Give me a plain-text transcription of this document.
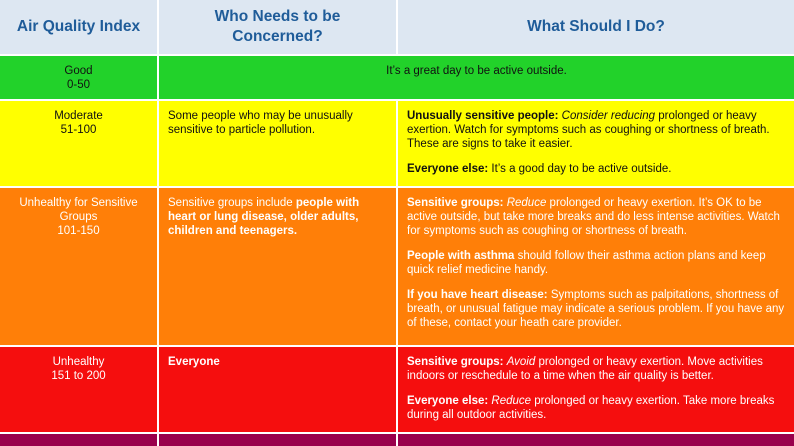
Air Quality Index
Who Needs to be Concerned?
What Should I Do?
Good
0-50
It’s a great day to be active outside.
Moderate
51-100
Some people who may be unusually sensitive to particle pollution.

Unusually sensitive people: Consider reducing prolonged or heavy exertion. Watch for symptoms such as coughing or shortness of breath. These are signs to take it easier.

Everyone else: It’s a good day to be active outside.

Unhealthy for Sensitive
Groups
101-150
Sensitive groups include people with heart or lung disease, older adults, children and teenagers.

Sensitive groups: Reduce prolonged or heavy exertion. It’s OK to be active outside, but take more breaks and do less intense activities. Watch for symptoms such as coughing or shortness of breath.

People with asthma should follow their asthma action plans and keep quick relief medicine handy.

If you have heart disease: Symptoms such as palpitations, shortness of breath, or unusual fatigue may indicate a serious problem. If you have any of these, contact your heath care provider.

Unhealthy
151 to 200
Everyone	Sensitive groups: Avoid prolonged or heavy exertion. Move activities indoors or reschedule to a time when the air quality is better.

Everyone else: Reduce prolonged or heavy exertion. Take more breaks during all outdoor activities.
